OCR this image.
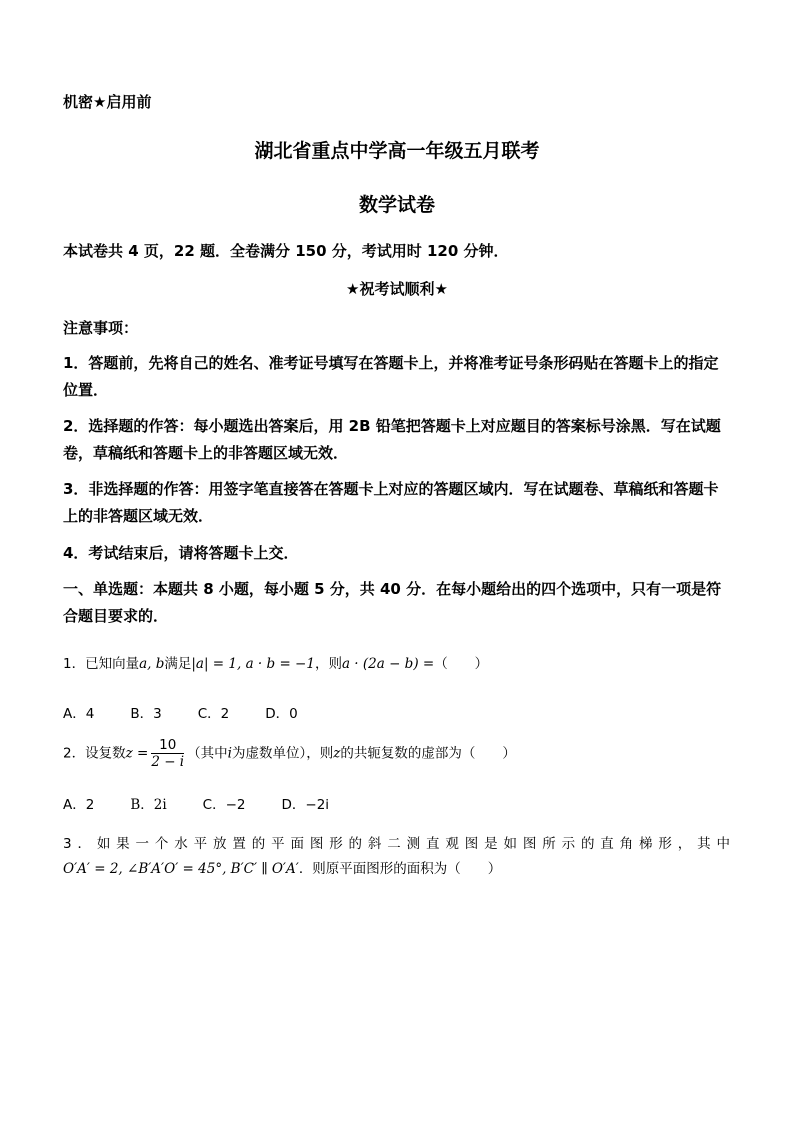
机密★启用前
湖北省重点中学高一年级五月联考
数学试卷
本试卷共 4 页，22 题．全卷满分 150 分，考试用时 120 分钟．
★祝考试顺利★
注意事项：
1．答题前，先将自己的姓名、准考证号填写在答题卡上，并将准考证号条形码贴在答题卡上的指定位置．
2．选择题的作答：每小题选出答案后，用 2B 铅笔把答题卡上对应题目的答案标号涂黑．写在试题卷，草稿纸和答题卡上的非答题区域无效．
3．非选择题的作答：用签字笔直接答在答题卡上对应的答题区域内．写在试题卷、草稿纸和答题卡上的非答题区域无效．
4．考试结束后，请将答题卡上交．
一、单选题：本题共 8 小题，每小题 5 分，共 40 分．在每小题给出的四个选项中，只有一项是符合题目要求的．
1．已知向量a, b满足|a| = 1, a · b = −1，则a · (2a − b) =（　　）
A．4	B．3	C．2	D．0
2．设复数$z = \frac{10}{2 - i}$ （其中i为虚数单位），则z的共轭复数的虚部为（　　）
A．2	B．2i	C．−2	D．−2i
3．如果一个水平放置的平面图形的斜二测直观图是如图所示的直角梯形，其中
O′A′ = 2, ∠B′A′O′ = 45°, B′C′ ∥ O′A′．则原平面图形的面积为（　　）
